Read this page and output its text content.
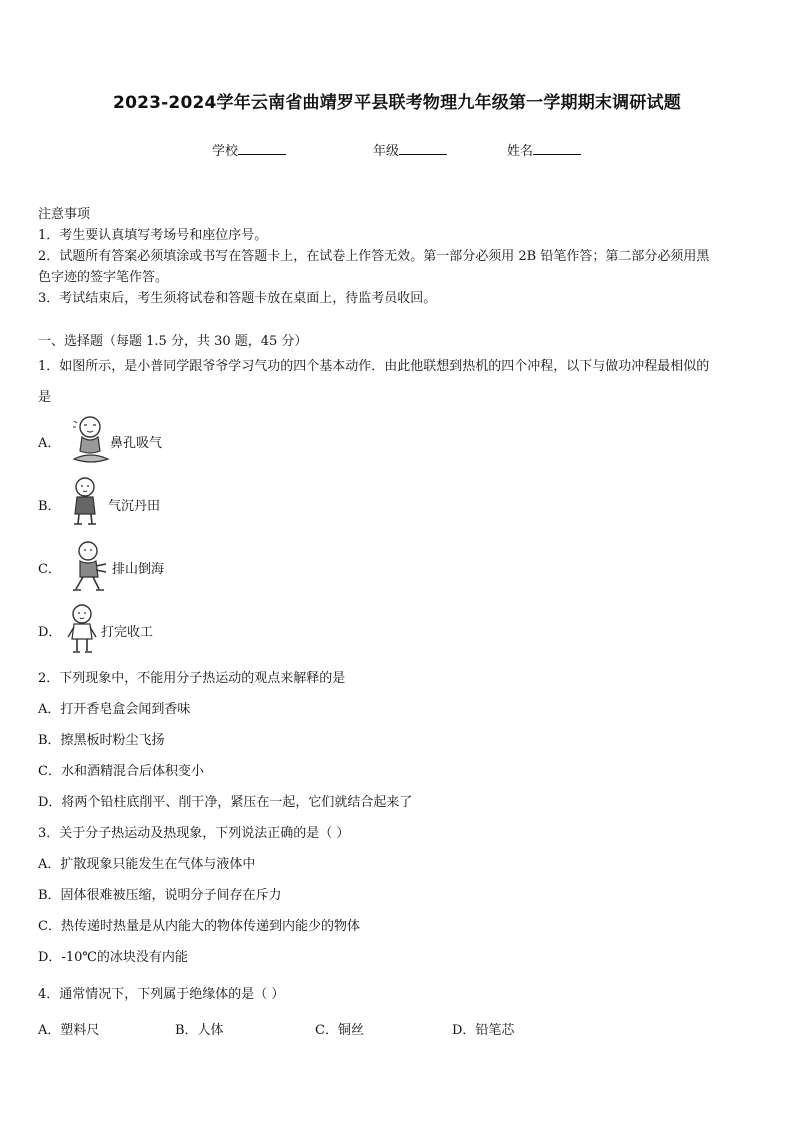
2023-2024学年云南省曲靖罗平县联考物理九年级第一学期期末调研试题
学校	年级	姓名
注意事项
1．考生要认真填写考场号和座位序号。
2．试题所有答案必须填涂或书写在答题卡上，在试卷上作答无效。第一部分必须用 2B 铅笔作答；第二部分必须用黑
色字迹的签字笔作答。
3．考试结束后，考生须将试卷和答题卡放在桌面上，待监考员收回。
一、选择题（每题 1.5 分，共 30 题，45 分）
1．如图所示，是小普同学跟爷爷学习气功的四个基本动作．由此他联想到热机的四个冲程，以下与做功冲程最相似的
是
A．	鼻孔吸气
B．	气沉丹田
C．	排山倒海
D．	打完收工
2．下列现象中，不能用分子热运动的观点来解释的是
A．打开香皂盒会闻到香味
B．擦黑板时粉尘飞扬
C．水和酒精混合后体积变小
D．将两个铅柱底削平、削干净，紧压在一起，它们就结合起来了
3．关于分子热运动及热现象，下列说法正确的是（ ）
A．扩散现象只能发生在气体与液体中
B．固体很难被压缩，说明分子间存在斥力
C．热传递时热量是从内能大的物体传递到内能少的物体
D．-10℃的冰块没有内能
4．通常情况下，下列属于绝缘体的是（ ）
A．塑料尺	B．人体	C．铜丝	D．铅笔芯
